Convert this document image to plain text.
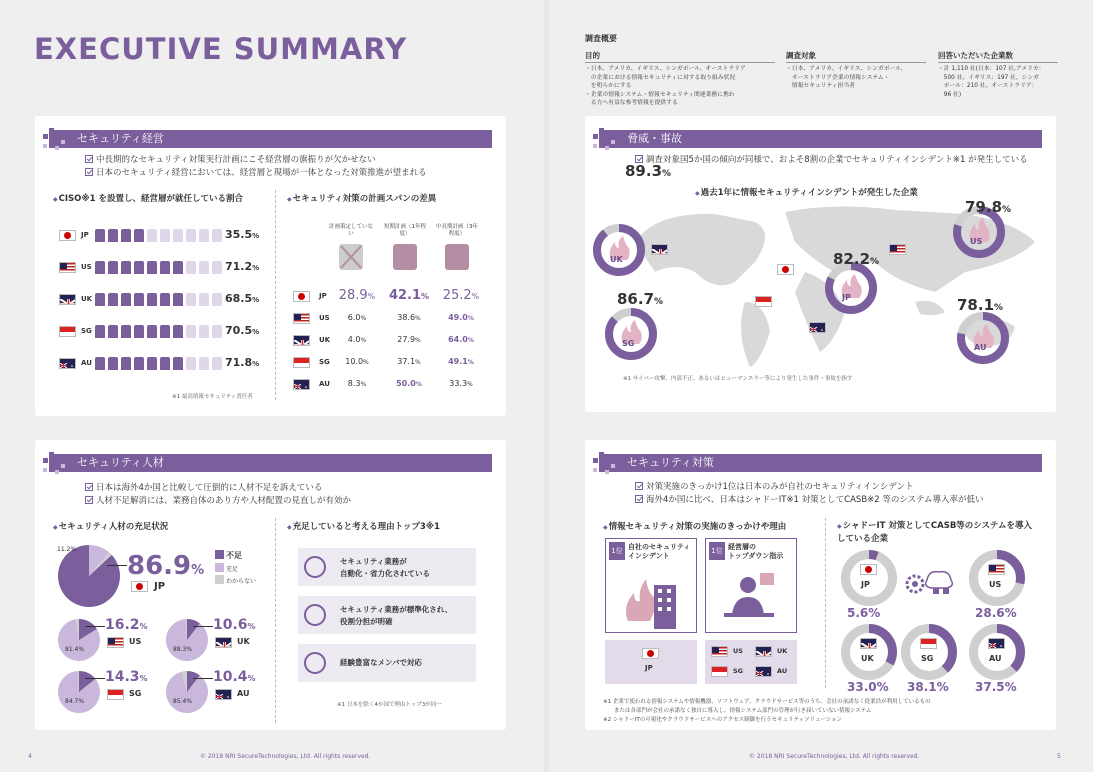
EXECUTIVE SUMMARY
セキュリティ経営
中長期的なセキュリティ対策実行計画にこそ経営層の旗振りが欠かせない
日本のセキュリティ経営においては、経営層と現場が一体となった対策推進が望まれる
◆ CISO※1 を設置し、経営層が就任している割合
JP	35.5%
US	71.2%
UK	68.5%
SG	70.5%
AU	71.8%
※1 最高情報セキュリティ責任者
◆ セキュリティ対策の計画スパンの差異
計画策定していない
短期計画（1年程度）
中長期計画（3年程度）
JP 28.9% 42.1% 25.2%
US	6.0%	38.6%	49.0%
UK	4.0%	27.9%	64.0%
SG	10.0%	37.1%	49.1%
AU	8.3%	50.0%	33.3%
セキュリティ人材
日本は海外4か国と比較して圧倒的に人材不足を訴えている
人材不足解消には、業務自体のあり方や人材配置の見直しが有効か
◆ セキュリティ人材の充足状況
11.2%
86.9%
JP
不足
充足
わからない
81.4%
16.2%
US
88.3%
10.6%
UK
84.7%
14.3%
SG
85.4%
10.4%
AU
◆ 充足していると考える理由トップ3※1
セキュリティ業務が
自動化・省力化されている
セキュリティ業務が標準化され、
役割分担が明確
経験豊富なメンバで対応
※1 日本を除く4か国で理由トップ3が同一
4	© 2018 NRI SecureTechnologies, Ltd. All rights reserved.
調査概要
目的
・日本、アメリカ、イギリス、シンガポール、オーストラリア
　の企業における情報セキュリティに対する取り組み状況
　を明らかにする
・企業の情報システム・情報セキュリティ関連業務に携わ
　る方へ有益な参考情報を提供する
調査対象
・日本、アメリカ、イギリス、シンガポール、
　オーストラリア企業の情報システム・
　情報セキュリティ担当者
回答いただいた企業数
・計 1,110 社(日本：107 社,アメリカ：
　500 社、イギリス：197 社、シンガ
　ポール：210 社、オーストラリア：
　96 社)
脅威・事故
調査対象国5か国の傾向が同様で、およそ8割の企業でセキュリティインシデント※1 が発生している
◆ 過去1年に情報セキュリティインシデントが発生した企業
UK
89.3%
US
79.8%
JP
82.2%
SG
86.7%
AU
78.1%
※1 サイバー攻撃、内部不正、あるいはヒューマンエラー等により発生した事件・事故を指す
セキュリティ対策
対策実施のきっかけ1位は日本のみが自社のセキュリティインシデント
海外4か国に比べ、日本はシャドーIT※1 対策としてCASB※2 等のシステム導入率が低い
◆ 情報セキュリティ対策の実施のきっかけや理由
1位 自社のセキュリティ
インシデント
JP
1位 経営層の
トップダウン指示
US	UK
SG	AU
◆ シャドーIT 対策としてCASB等のシステムを導入している企業
JP
5.6%
US
28.6%
UK
33.0%
SG
38.1%
AU
37.5%
※1 企業で使われる情報システムや情報機器、ソフトウェア、クラウドサービス等のうち、会社の承諾なく従業員が利用しているもの
　　または各部門が会社の承諾なく独自に導入し、情報システム部門の管理が行き届いていない情報システム
※2 シャドーITの可視化やクラウドサービスへのアクセス制御を行うセキュリティソリューション
© 2018 NRI SecureTechnologies, Ltd. All rights reserved.	5
